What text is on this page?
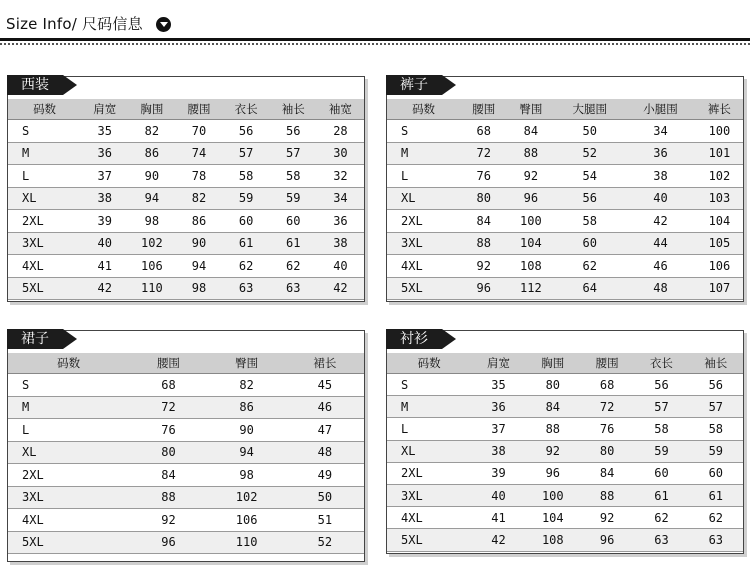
Size Info/ 尺码信息
西装
码数	肩宽	胸围	腰围	衣长	袖长	袖宽
S	35	82	70	56	56	28
M	36	86	74	57	57	30
L	37	90	78	58	58	32
XL	38	94	82	59	59	34
2XL	39	98	86	60	60	36
3XL	40	102	90	61	61	38
4XL	41	106	94	62	62	40
5XL	42	110	98	63	63	42
裤子
码数	腰围	臀围	大腿围	小腿围	裤长
S	68	84	50	34	100
M	72	88	52	36	101
L	76	92	54	38	102
XL	80	96	56	40	103
2XL	84	100	58	42	104
3XL	88	104	60	44	105
4XL	92	108	62	46	106
5XL	96	112	64	48	107
裙子
码数	腰围	臀围	裙长
S	68	82	45
M	72	86	46
L	76	90	47
XL	80	94	48
2XL	84	98	49
3XL	88	102	50
4XL	92	106	51
5XL	96	110	52
衬衫
码数	肩宽	胸围	腰围	衣长	袖长
S	35	80	68	56	56
M	36	84	72	57	57
L	37	88	76	58	58
XL	38	92	80	59	59
2XL	39	96	84	60	60
3XL	40	100	88	61	61
4XL	41	104	92	62	62
5XL	42	108	96	63	63
